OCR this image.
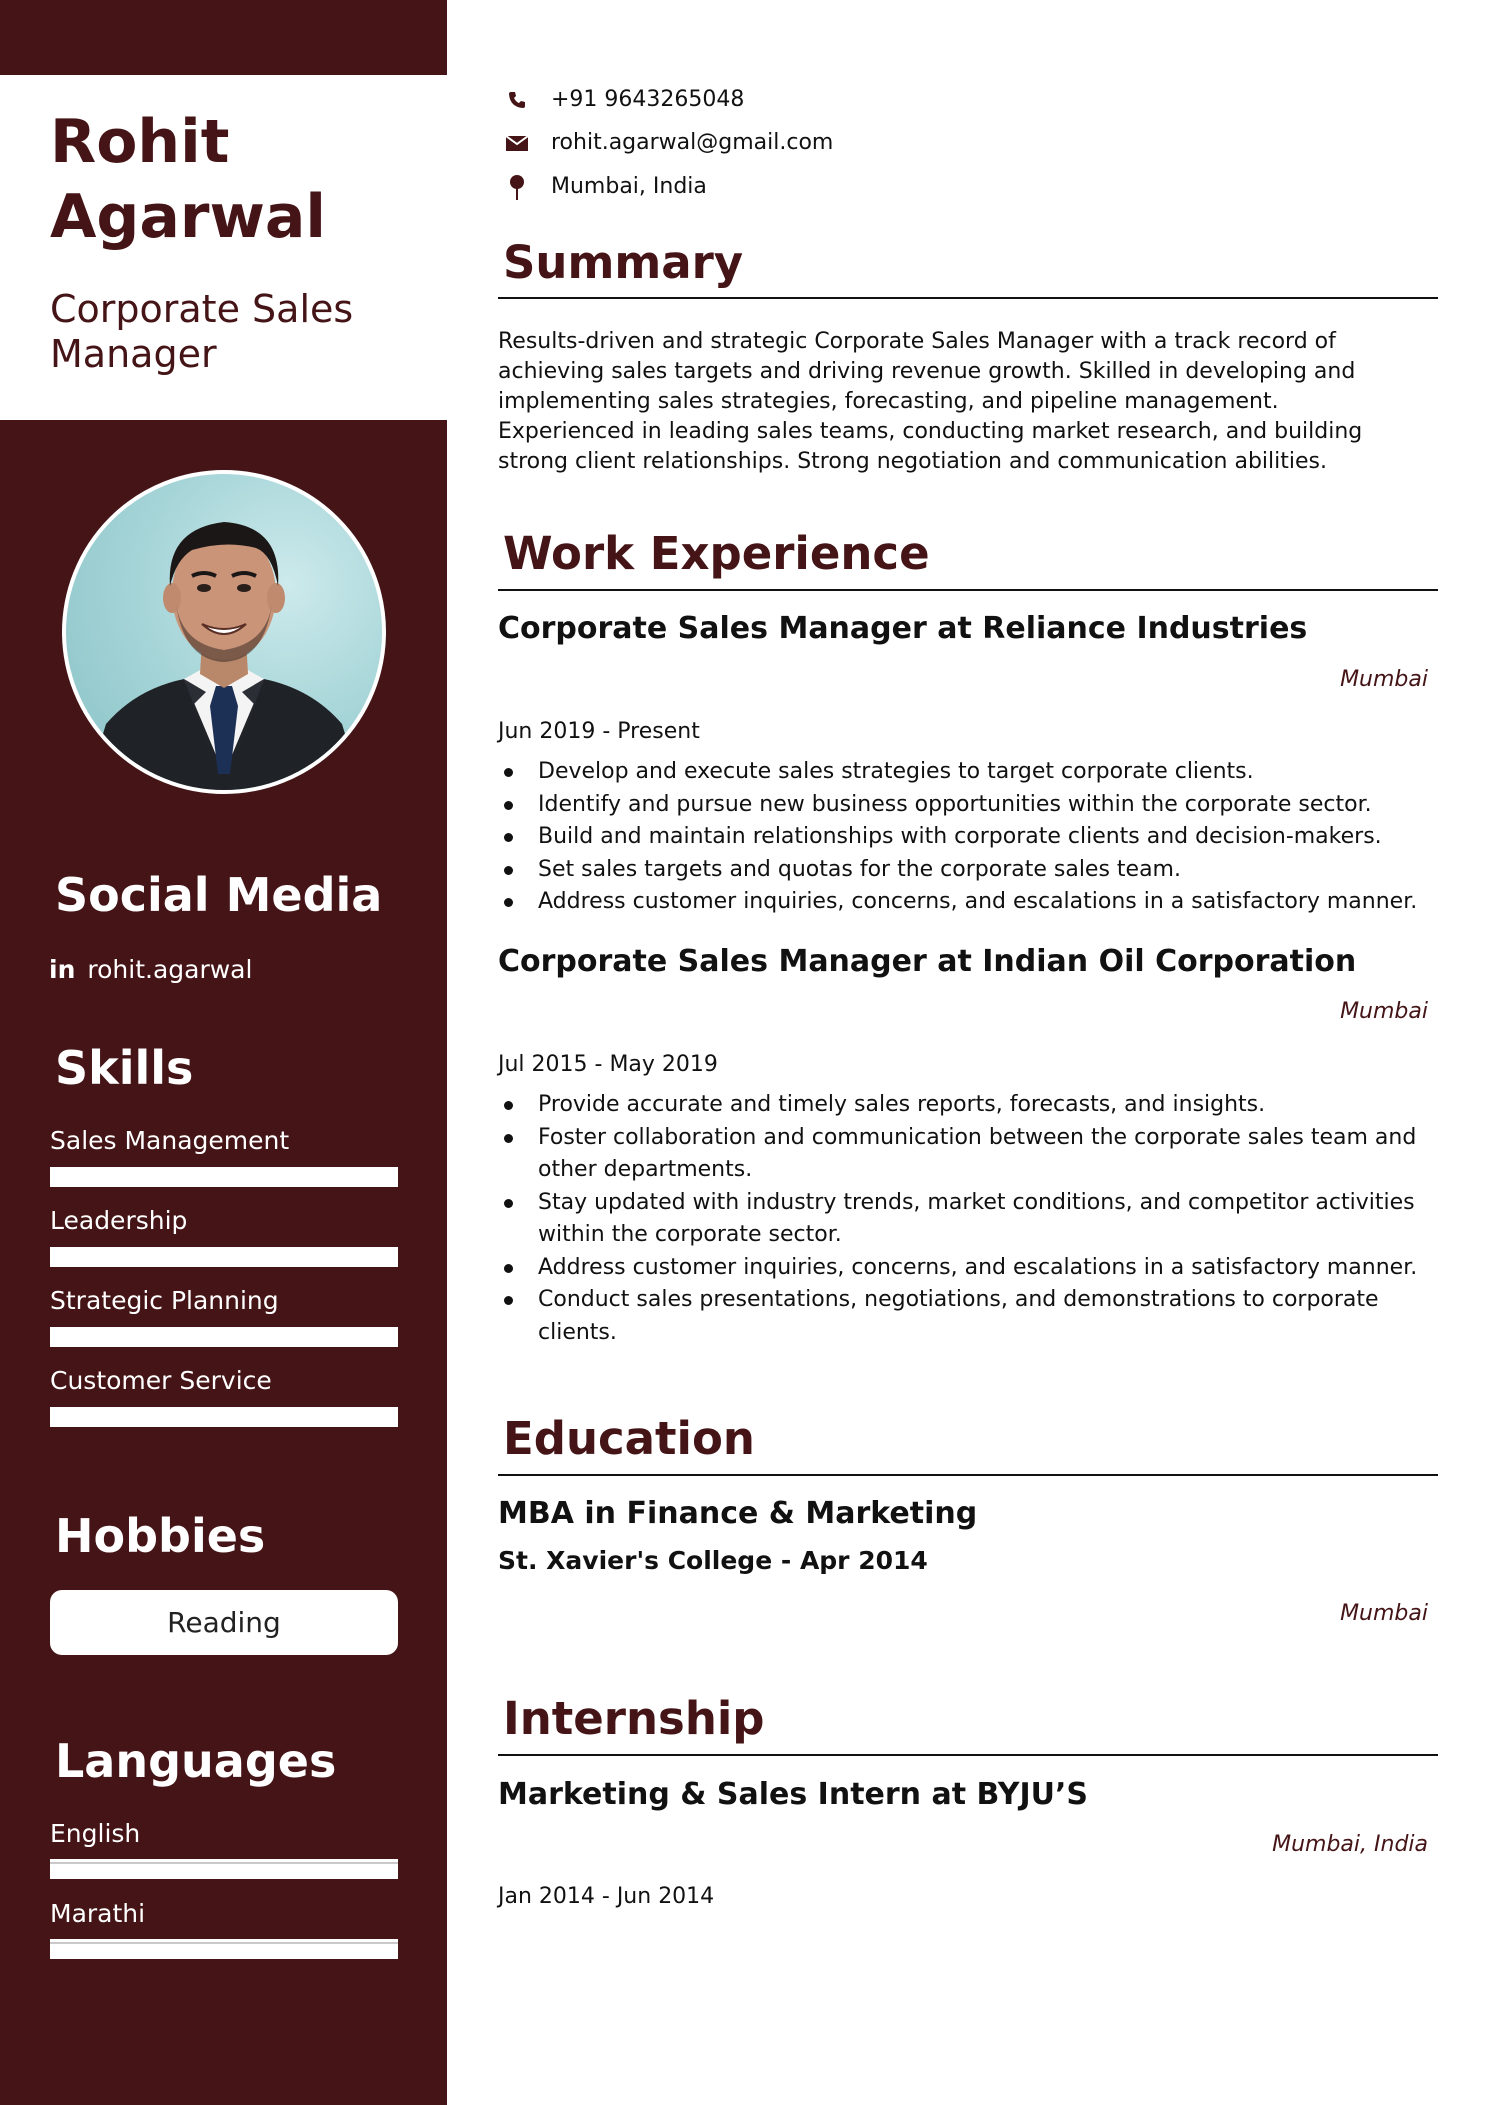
Rohit
Agarwal
Corporate Sales
Manager
Social Media
in rohit.agarwal
Skills
Sales Management
Leadership
Strategic Planning
Customer Service
Hobbies
Reading
Languages
English
Marathi
+91 9643265048
rohit.agarwal@gmail.com
Mumbai, India
Summary
Results-driven and strategic Corporate Sales Manager with a track record of achieving sales targets and driving revenue growth. Skilled in developing and implementing sales strategies, forecasting, and pipeline management. Experienced in leading sales teams, conducting market research, and building strong client relationships. Strong negotiation and communication abilities.
Work Experience
Corporate Sales Manager at Reliance Industries
Mumbai
Jun 2019 - Present
Develop and execute sales strategies to target corporate clients.
Identify and pursue new business opportunities within the corporate sector.
Build and maintain relationships with corporate clients and decision-makers.
Set sales targets and quotas for the corporate sales team.
Address customer inquiries, concerns, and escalations in a satisfactory manner.
Corporate Sales Manager at Indian Oil Corporation
Mumbai
Jul 2015 - May 2019
Provide accurate and timely sales reports, forecasts, and insights.
Foster collaboration and communication between the corporate sales team and other departments.
Stay updated with industry trends, market conditions, and competitor activities within the corporate sector.
Address customer inquiries, concerns, and escalations in a satisfactory manner.
Conduct sales presentations, negotiations, and demonstrations to corporate clients.
Education
MBA in Finance & Marketing
St. Xavier's College - Apr 2014
Mumbai
Internship
Marketing & Sales Intern at BYJU’S
Mumbai, India
Jan 2014 - Jun 2014
